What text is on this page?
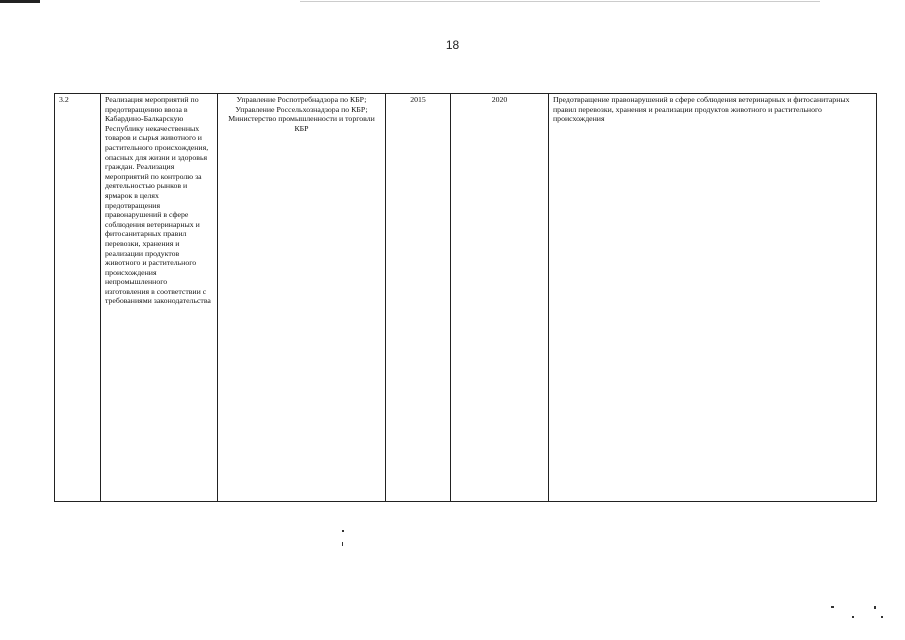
18
3.2	Реализация мероприятий по предотвращению ввоза в Кабардино-Балкарскую Республику некачественных товаров и сырья животного и растительного происхождения, опасных для жизни и здоровья граждан. Реализация мероприятий по контролю за деятельностью рынков и ярмарок в целях предотвращения правонарушений в сфере соблюдения ветеринарных и фитосанитарных правил перевозки, хранения и реализации продуктов животного и растительного происхождения непромышленного изготовления в соответствии с требованиями законодательства	Управление Роспотребнадзора по КБР; Управление Россельхознадзора по КБР; Министерство промышленности и торговли КБР	2015	2020	Предотвращение правонарушений в сфере соблюдения ветеринарных и фитосанитарных правил перевозки, хранения и реализации продуктов животного и растительного происхождения
